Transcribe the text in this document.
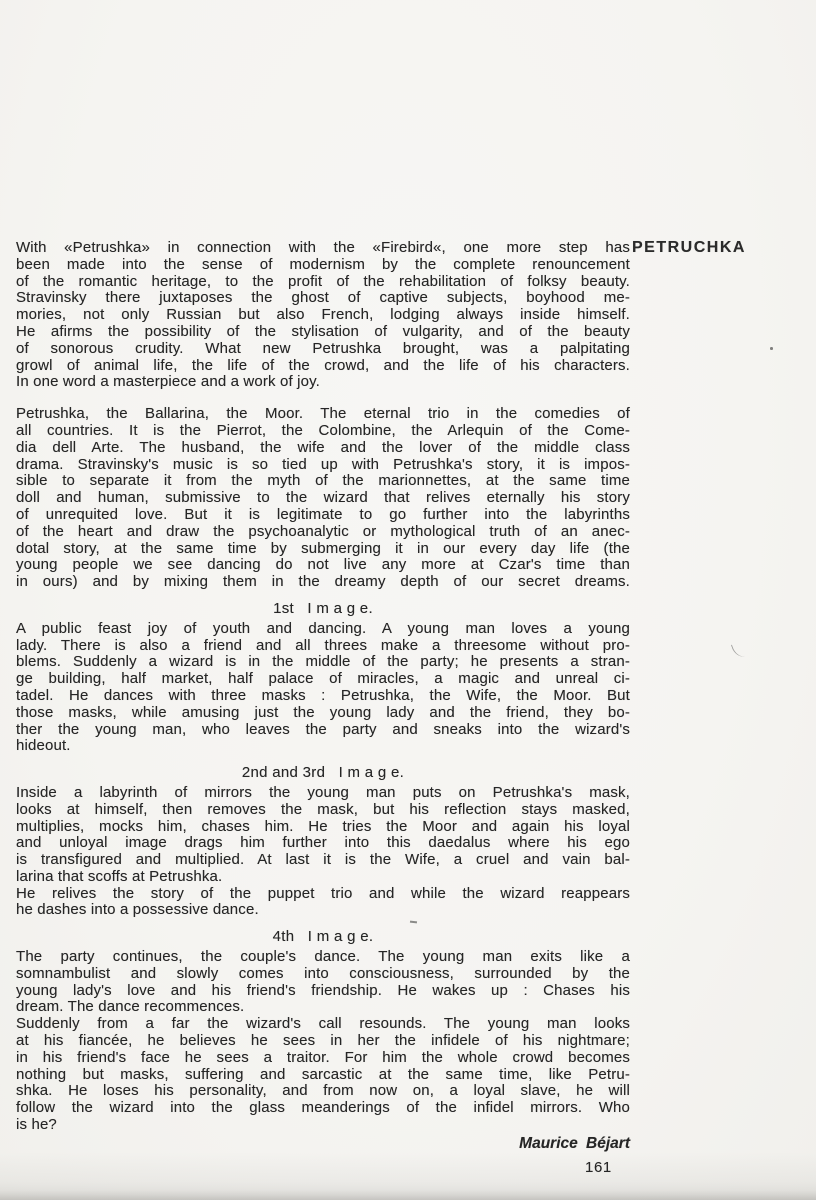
PETRUCHKA
With «Petrushka» in connection with the «Firebird«, one more step has
been made into the sense of modernism by the complete renouncement
of the romantic heritage, to the profit of the rehabilitation of folksy beauty.
Stravinsky there juxtaposes the ghost of captive subjects, boyhood me-
mories, not only Russian but also French, lodging always inside himself.
He afirms the possibility of the stylisation of vulgarity, and of the beauty
of sonorous crudity. What new Petrushka brought, was a palpitating
growl of animal life, the life of the crowd, and the life of his characters.
In one word a masterpiece and a work of joy.
Petrushka, the Ballarina, the Moor. The eternal trio in the comedies of
all countries. It is the Pierrot, the Colombine, the Arlequin of the Come-
dia dell Arte. The husband, the wife and the lover of the middle class
drama. Stravinsky's music is so tied up with Petrushka's story, it is impos-
sible to separate it from the myth of the marionnettes, at the same time
doll and human, submissive to the wizard that relives eternally his story
of unrequited love. But it is legitimate to go further into the labyrinths
of the heart and draw the psychoanalytic or mythological truth of an anec-
dotal story, at the same time by submerging it in our every day life (the
young people we see dancing do not live any more at Czar's time than
in ours) and by mixing them in the dreamy depth of our secret dreams.
1st   I m a g e.
A public feast joy of youth and dancing. A young man loves a young
lady. There is also a friend and all threes make a threesome without pro-
blems. Suddenly a wizard is in the middle of the party; he presents a stran-
ge building, half market, half palace of miracles, a magic and unreal ci-
tadel. He dances with three masks : Petrushka, the Wife, the Moor. But
those masks, while amusing just the young lady and the friend, they bo-
ther the young man, who leaves the party and sneaks into the wizard's
hideout.
2nd and 3rd   I m a g e.
Inside a labyrinth of mirrors the young man puts on Petrushka's mask,
looks at himself, then removes the mask, but his reflection stays masked,
multiplies, mocks him, chases him. He tries the Moor and again his loyal
and unloyal image drags him further into this daedalus where his ego
is transfigured and multiplied. At last it is the Wife, a cruel and vain bal-
larina that scoffs at Petrushka.
He relives the story of the puppet trio and while the wizard reappears
he dashes into a possessive dance.
4th   I m a g e.
The party continues, the couple's dance. The young man exits like a
somnambulist and slowly comes into consciousness, surrounded by the
young lady's love and his friend's friendship. He wakes up : Chases his
dream. The dance recommences.
Suddenly from a far the wizard's call resounds. The young man looks
at his fiancée, he believes he sees in her the infidele of his nightmare;
in his friend's face he sees a traitor. For him the whole crowd becomes
nothing but masks, suffering and sarcastic at the same time, like Petru-
shka. He loses his personality, and from now on, a loyal slave, he will
follow the wizard into the glass meanderings of the infidel mirrors. Who
is he?
Maurice Béjart
161
